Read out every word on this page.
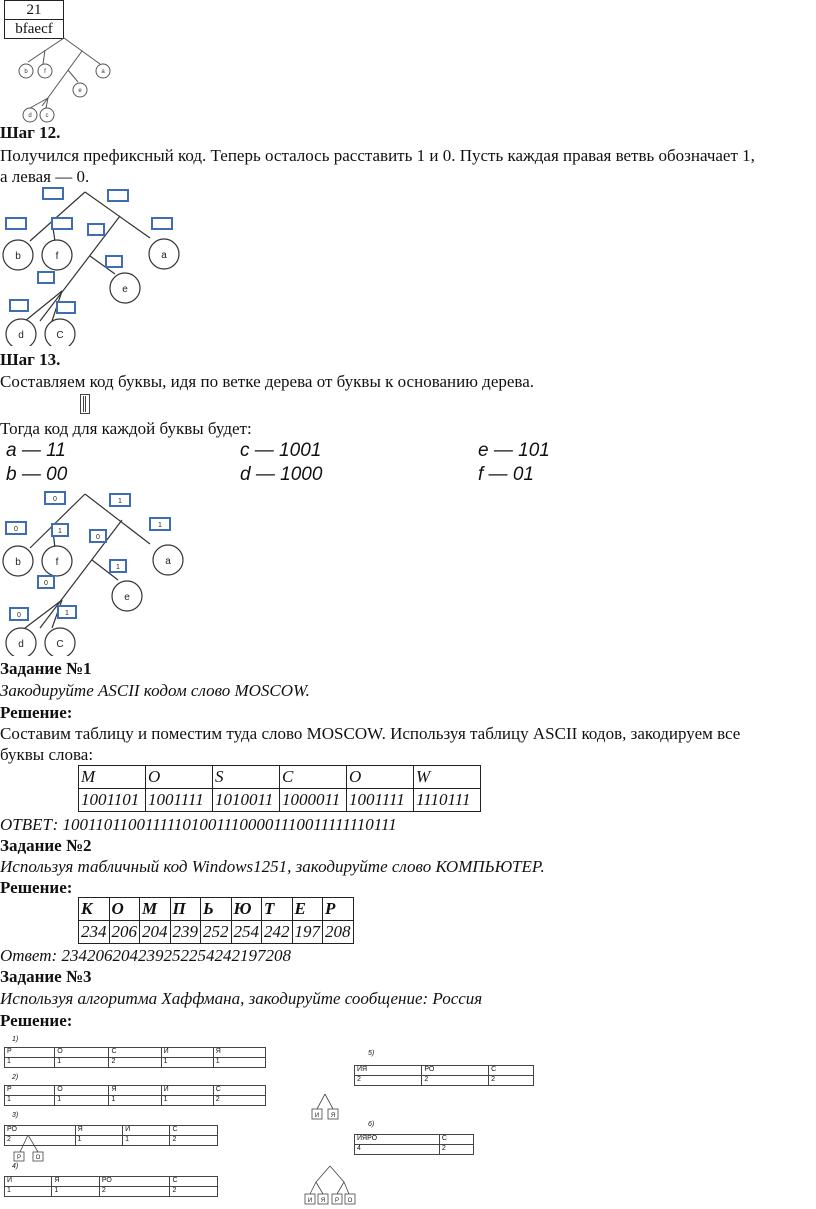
21
bfaecf
b	f	a
e
d c
Шаг 12.
Получился префиксный код. Теперь осталось расставить 1 и 0. Пусть каждая правая ветвь обозначает 1,
а левая — 0.
b	f	a
e
d	C
Шаг 13.
Составляем код буквы, идя по ветке дерева от буквы к основанию дерева.
Тогда код для каждой буквы будет:
a — 11	c — 1001	e — 101
b — 00	d — 1000	f — 01
0	1
0	1
0
1
1
0
0	1
b	f	a
e
d	C
Задание №1
Закодируйте ASCII кодом слово MOSCOW.
Решение:
Составим таблицу и поместим туда слово MOSCOW. Используя таблицу ASCII кодов, закодируем все
буквы слова:
M	O	S	C	O	W
1001101	1001111	1010011	1000011	1001111	1110111
ОТВЕТ: 100110110011111010011100001110011111110111
Задание №2
Используя табличный код Windows1251, закодируйте слово КОМПЬЮТЕР.
Решение:
К	О	М	П	Ь	Ю	Т	Е	Р
234	206	204	239	252	254	242	197	208
Ответ: 234206204239252254242197208
Задание №3
Используя алгоритма Хаффмана, закодируйте сообщение: Россия
Решение:
1)
Р	О	С	И	Я
1	1	2	1	1
2)
Р	О	Я	И	С
1	1	1	1	2
3)
РО	Я	И	С
2	1	1	2
Р О
4)
И	Я	РО	С
1	1	2	2
5)
ИЯ	РО	С
2	2	2
И Я
6)
ИЯРО	С
4	2
И Я Р О
